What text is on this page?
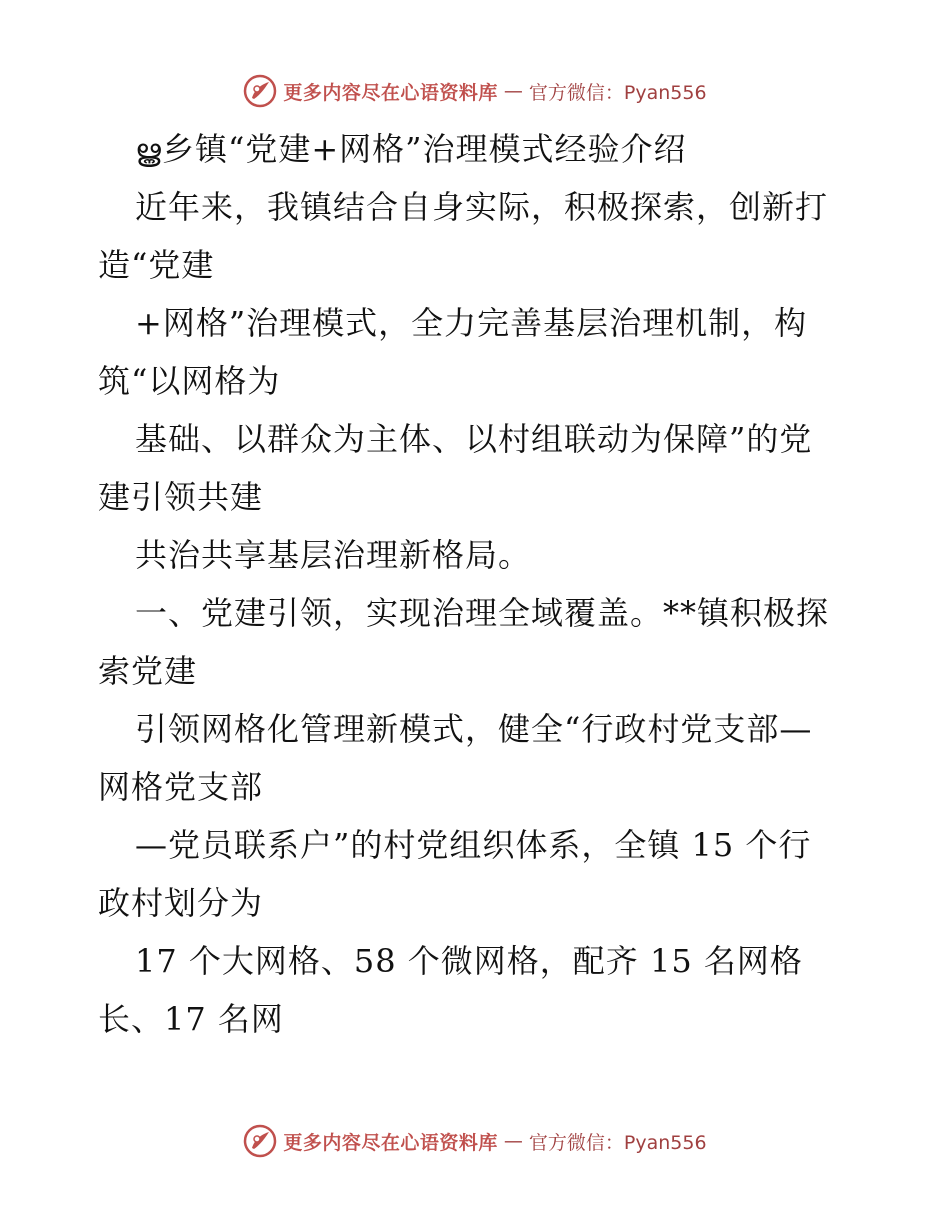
更多内容尽在心语资料库 — 官方微信：Pyan556
ൠ乡镇“党建+网格”治理模式经验介绍
近年来，我镇结合自身实际，积极探索，创新打
造“党建
+网格”治理模式，全力完善基层治理机制，构
筑“以网格为
基础、以群众为主体、以村组联动为保障”的党
建引领共建
共治共享基层治理新格局。
一、党建引领，实现治理全域覆盖。**镇积极探
索党建
引领网格化管理新模式，健全“行政村党支部—
网格党支部
—党员联系户”的村党组织体系，全镇 15 个行
政村划分为
17 个大网格、58 个微网格，配齐 15 名网格
长、17 名网
更多内容尽在心语资料库 — 官方微信：Pyan556
